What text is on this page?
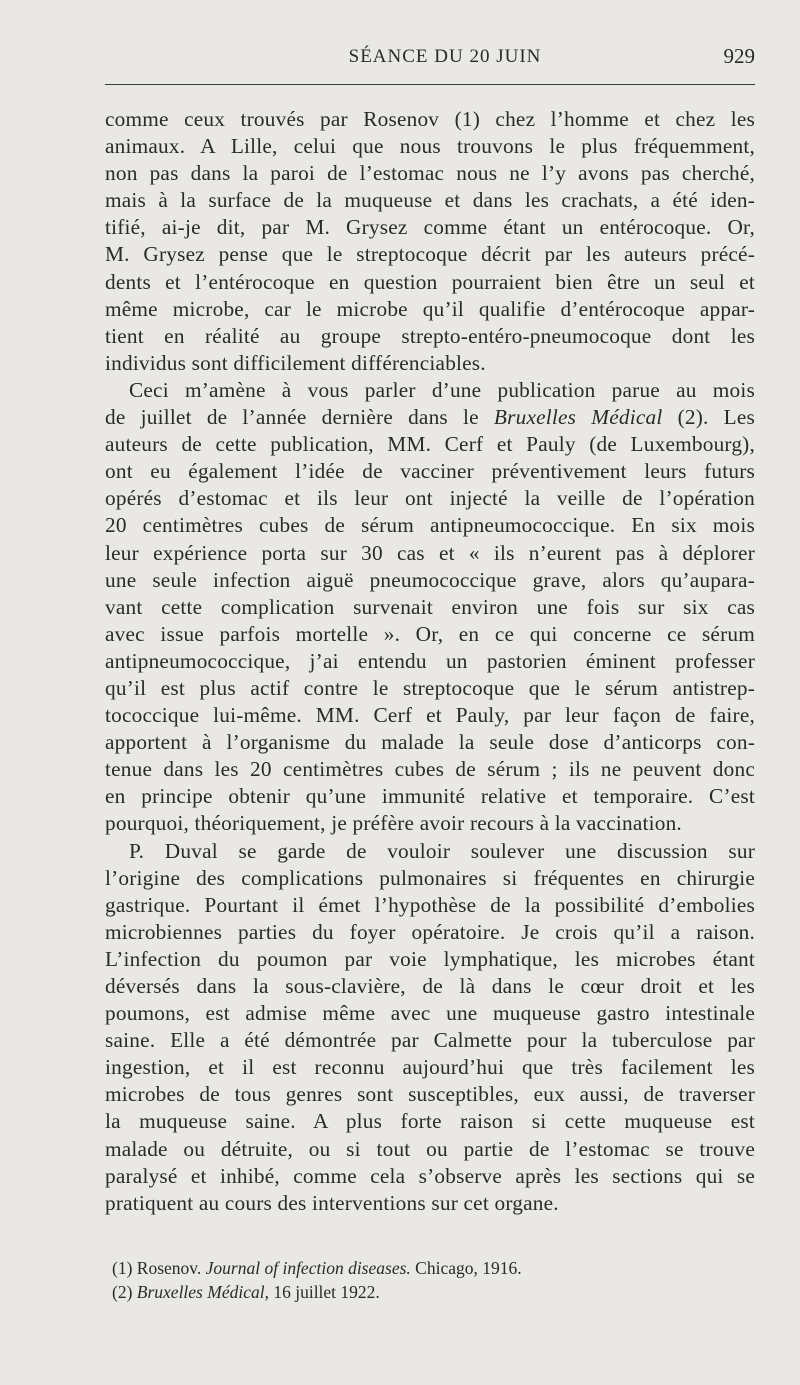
SÉANCE DU 20 JUIN	929
comme ceux trouvés par Rosenov (1) chez l’homme et chez les
animaux. A Lille, celui que nous trouvons le plus fréquemment,
non pas dans la paroi de l’estomac nous ne l’y avons pas cherché,
mais à la surface de la muqueuse et dans les crachats, a été iden-
tifié, ai-je dit, par M. Grysez comme étant un entérocoque. Or,
M. Grysez pense que le streptocoque décrit par les auteurs précé-
dents et l’entérocoque en question pourraient bien être un seul et
même microbe, car le microbe qu’il qualifie d’entérocoque appar-
tient en réalité au groupe strepto-entéro-pneumocoque dont les
individus sont difficilement différenciables.
Ceci m’amène à vous parler d’une publication parue au mois
de juillet de l’année dernière dans le Bruxelles Médical (2). Les
auteurs de cette publication, MM. Cerf et Pauly (de Luxembourg),
ont eu également l’idée de vacciner préventivement leurs futurs
opérés d’estomac et ils leur ont injecté la veille de l’opération
20 centimètres cubes de sérum antipneumococcique. En six mois
leur expérience porta sur 30 cas et « ils n’eurent pas à déplorer
une seule infection aiguë pneumococcique grave, alors qu’aupara-
vant cette complication survenait environ une fois sur six cas
avec issue parfois mortelle ». Or, en ce qui concerne ce sérum
antipneumococcique, j’ai entendu un pastorien éminent professer
qu’il est plus actif contre le streptocoque que le sérum antistrep-
tococcique lui-même. MM. Cerf et Pauly, par leur façon de faire,
apportent à l’organisme du malade la seule dose d’anticorps con-
tenue dans les 20 centimètres cubes de sérum ; ils ne peuvent donc
en principe obtenir qu’une immunité relative et temporaire. C’est
pourquoi, théoriquement, je préfère avoir recours à la vaccination.
P. Duval se garde de vouloir soulever une discussion sur
l’origine des complications pulmonaires si fréquentes en chirurgie
gastrique. Pourtant il émet l’hypothèse de la possibilité d’embolies
microbiennes parties du foyer opératoire. Je crois qu’il a raison.
L’infection du poumon par voie lymphatique, les microbes étant
déversés dans la sous-clavière, de là dans le cœur droit et les
poumons, est admise même avec une muqueuse gastro intestinale
saine. Elle a été démontrée par Calmette pour la tuberculose par
ingestion, et il est reconnu aujourd’hui que très facilement les
microbes de tous genres sont susceptibles, eux aussi, de traverser
la muqueuse saine. A plus forte raison si cette muqueuse est
malade ou détruite, ou si tout ou partie de l’estomac se trouve
paralysé et inhibé, comme cela s’observe après les sections qui se
pratiquent au cours des interventions sur cet organe.
(1) Rosenov. Journal of infection diseases. Chicago, 1916.
(2) Bruxelles Médical, 16 juillet 1922.
